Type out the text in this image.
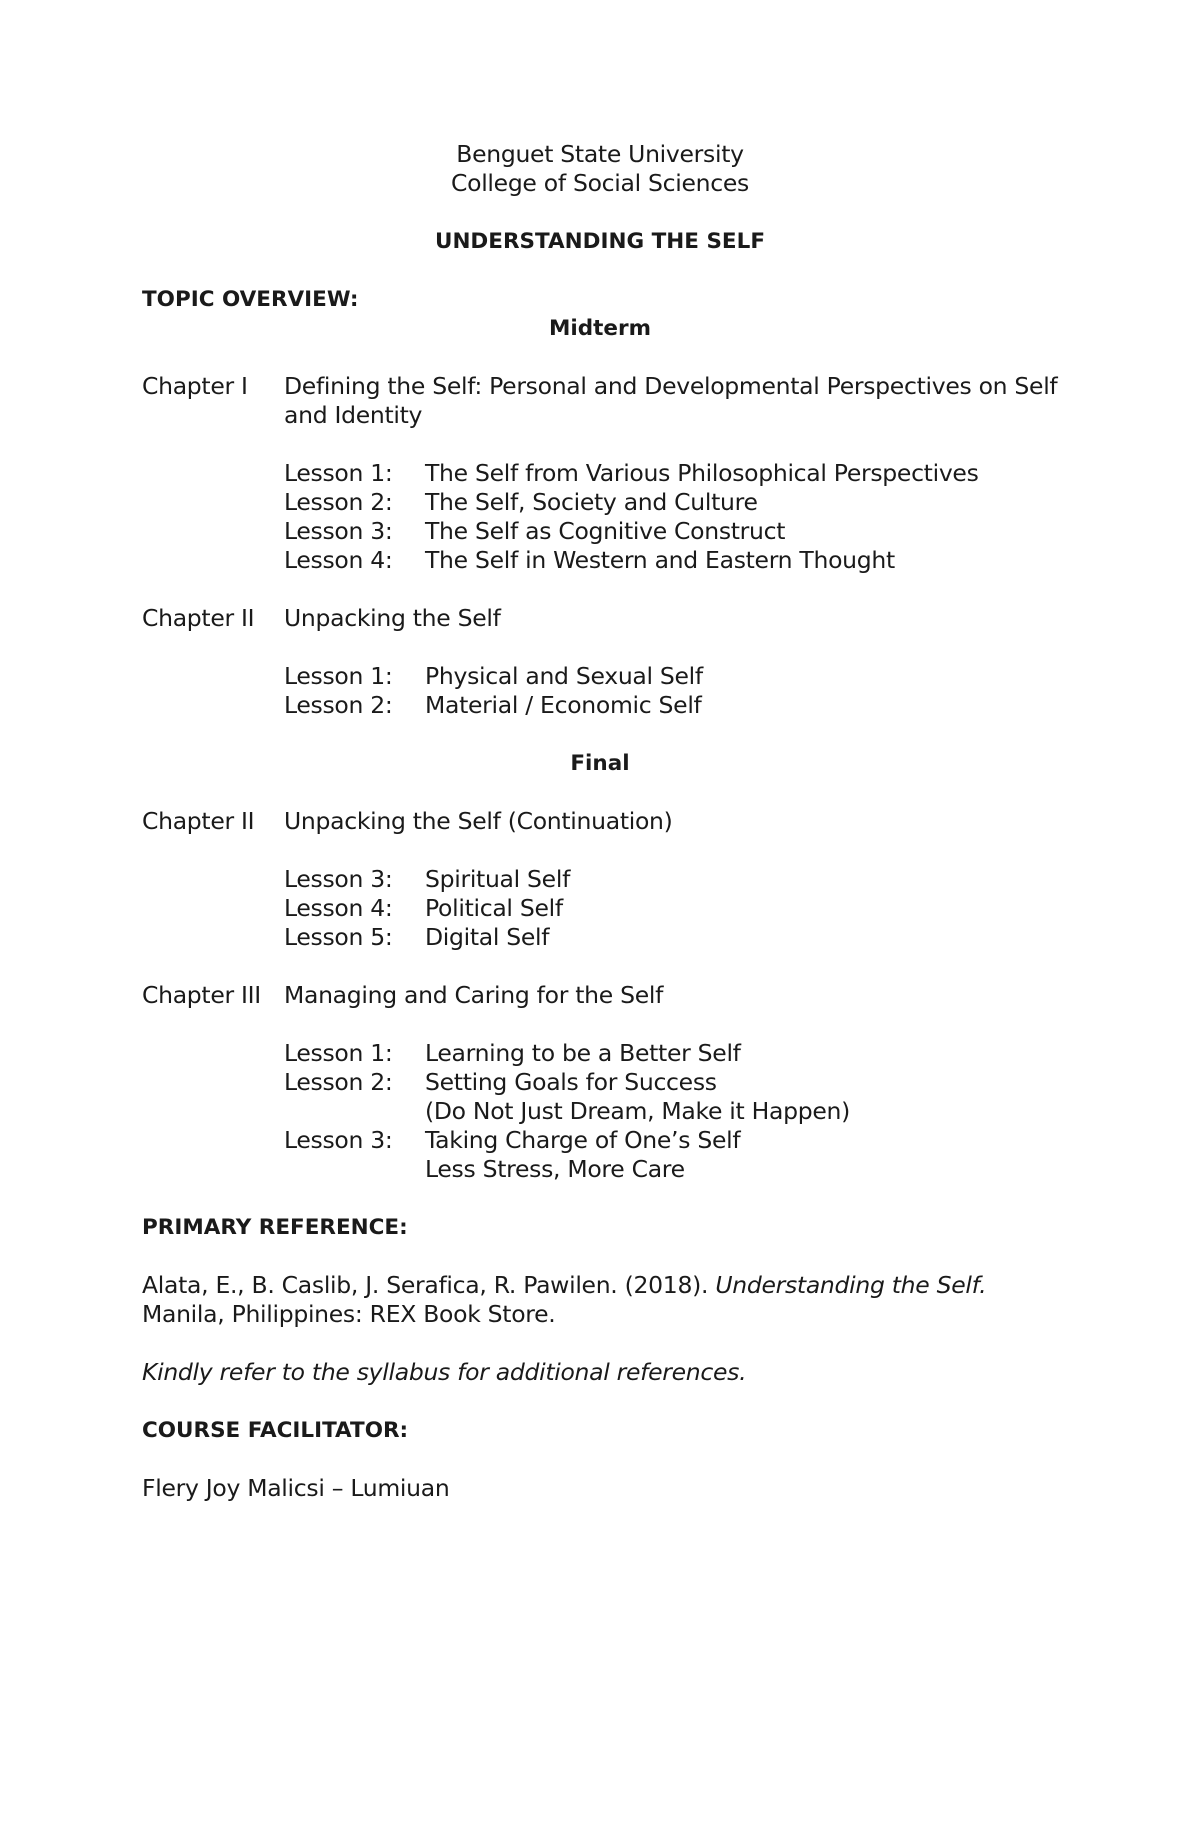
Benguet State University
College of Social Sciences
UNDERSTANDING THE SELF
TOPIC OVERVIEW:
Midterm
Chapter I	Defining the Self: Personal and Developmental Perspectives on Self and Identity
Lesson 1:	The Self from Various Philosophical Perspectives
Lesson 2:	The Self, Society and Culture
Lesson 3:	The Self as Cognitive Construct
Lesson 4:	The Self in Western and Eastern Thought
Chapter II	Unpacking the Self
Lesson 1:	Physical and Sexual Self
Lesson 2:	Material / Economic Self
Final
Chapter II	Unpacking the Self (Continuation)
Lesson 3:	Spiritual Self
Lesson 4:	Political Self
Lesson 5:	Digital Self
Chapter III Managing and Caring for the Self
Lesson 1:	Learning to be a Better Self
Lesson 2:	Setting Goals for Success
(Do Not Just Dream, Make it Happen)
Lesson 3:	Taking Charge of One’s Self
Less Stress, More Care
PRIMARY REFERENCE:
Alata, E., B. Caslib, J. Serafica, R. Pawilen. (2018). Understanding the Self. Manila, Philippines: REX Book Store.
Kindly refer to the syllabus for additional references.
COURSE FACILITATOR:
Flery Joy Malicsi – Lumiuan
